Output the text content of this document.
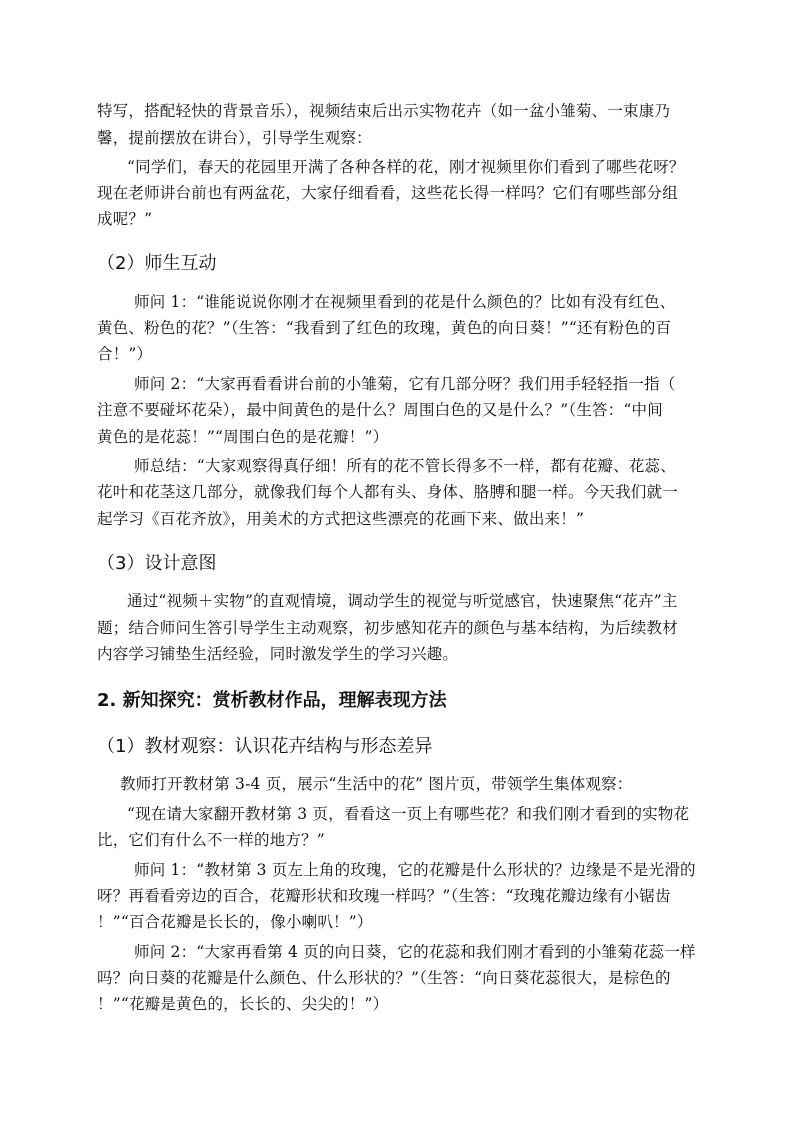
特写，搭配轻快的背景音乐），视频结束后出示实物花卉（如一盆小雏菊、一束康乃
馨，提前摆放在讲台），引导学生观察：
“同学们，春天的花园里开满了各种各样的花，刚才视频里你们看到了哪些花呀？
现在老师讲台前也有两盆花，大家仔细看看，这些花长得一样吗？它们有哪些部分组
成呢？”
（2）师生互动
师问 1：“谁能说说你刚才在视频里看到的花是什么颜色的？比如有没有红色、
黄色、粉色的花？”（生答：“我看到了红色的玫瑰，黄色的向日葵！”“还有粉色的百
合！”）
师问 2：“大家再看看讲台前的小雏菊，它有几部分呀？我们用手轻轻指一指（
注意不要碰坏花朵），最中间黄色的是什么？周围白色的又是什么？”（生答：“中间
黄色的是花蕊！”“周围白色的是花瓣！”）
师总结：“大家观察得真仔细！所有的花不管长得多不一样，都有花瓣、花蕊、
花叶和花茎这几部分，就像我们每个人都有头、身体、胳膊和腿一样。今天我们就一
起学习《百花齐放》，用美术的方式把这些漂亮的花画下来、做出来！”
（3）设计意图
通过“视频＋实物”的直观情境，调动学生的视觉与听觉感官，快速聚焦“花卉”主
题；结合师问生答引导学生主动观察，初步感知花卉的颜色与基本结构，为后续教材
内容学习铺垫生活经验，同时激发学生的学习兴趣。
2. 新知探究：赏析教材作品，理解表现方法
（1）教材观察：认识花卉结构与形态差异
教师打开教材第 3-4 页，展示“生活中的花” 图片页，带领学生集体观察：
“现在请大家翻开教材第 3 页，看看这一页上有哪些花？和我们刚才看到的实物花
比，它们有什么不一样的地方？”
师问 1：“教材第 3 页左上角的玫瑰，它的花瓣是什么形状的？边缘是不是光滑的
呀？再看看旁边的百合，花瓣形状和玫瑰一样吗？”（生答：“玫瑰花瓣边缘有小锯齿
！”“百合花瓣是长长的，像小喇叭！”）
师问 2：“大家再看第 4 页的向日葵，它的花蕊和我们刚才看到的小雏菊花蕊一样
吗？向日葵的花瓣是什么颜色、什么形状的？”（生答：“向日葵花蕊很大，是棕色的
！”“花瓣是黄色的，长长的、尖尖的！”）
